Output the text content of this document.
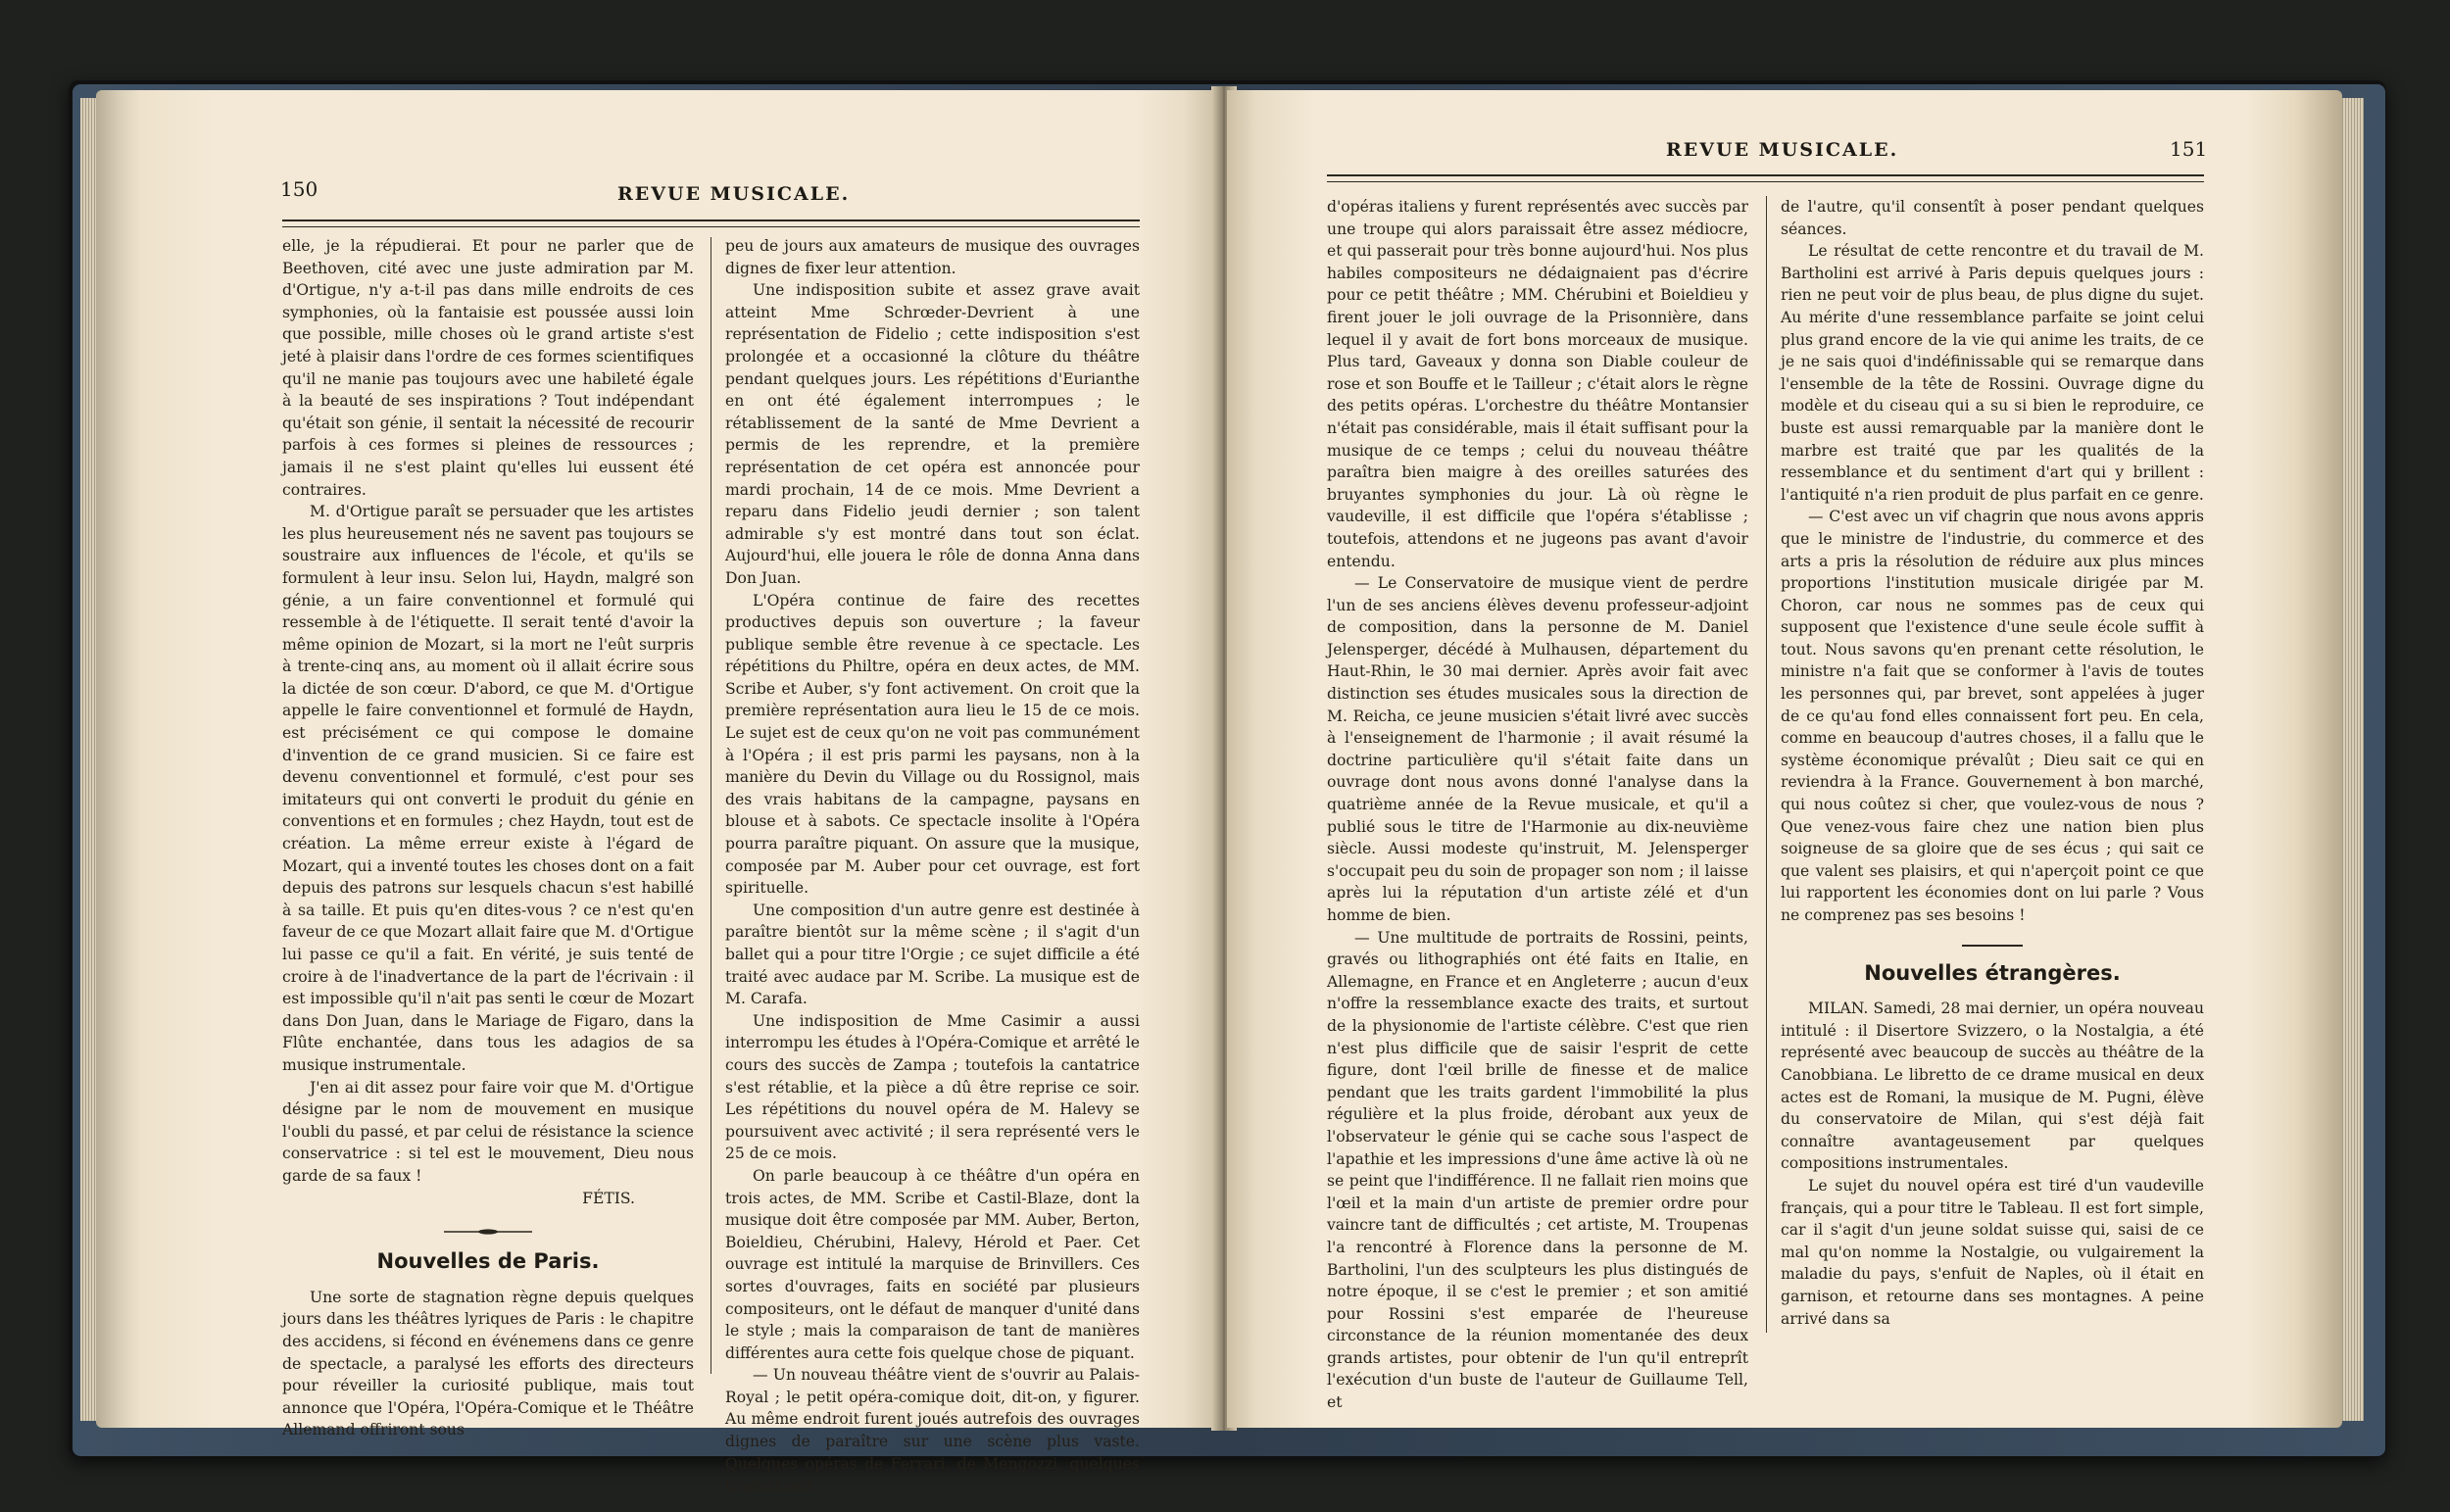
150	REVUE MUSICALE.

elle, je la répudierai. Et pour ne parler que de Beethoven, cité avec une juste admiration par M. d'Ortigue, n'y a-t-il pas dans mille endroits de ces symphonies, où la fantaisie est poussée aussi loin que possible, mille choses où le grand artiste s'est jeté à plaisir dans l'ordre de ces formes scientifiques qu'il ne manie pas toujours avec une habileté égale à la beauté de ses inspirations ? Tout indépendant qu'était son génie, il sentait la nécessité de recourir parfois à ces formes si pleines de ressources ; jamais il ne s'est plaint qu'elles lui eussent été contraires.

M. d'Ortigue paraît se persuader que les artistes les plus heureusement nés ne savent pas toujours se soustraire aux influences de l'école, et qu'ils se formulent à leur insu. Selon lui, Haydn, malgré son génie, a un faire conventionnel et formulé qui ressemble à de l'étiquette. Il serait tenté d'avoir la même opinion de Mozart, si la mort ne l'eût surpris à trente-cinq ans, au moment où il allait écrire sous la dictée de son cœur. D'abord, ce que M. d'Ortigue appelle le faire conventionnel et formulé de Haydn, est précisément ce qui compose le domaine d'invention de ce grand musicien. Si ce faire est devenu conventionnel et formulé, c'est pour ses imitateurs qui ont converti le produit du génie en conventions et en formules ; chez Haydn, tout est de création. La même erreur existe à l'égard de Mozart, qui a inventé toutes les choses dont on a fait depuis des patrons sur lesquels chacun s'est habillé à sa taille. Et puis qu'en dites-vous ? ce n'est qu'en faveur de ce que Mozart allait faire que M. d'Ortigue lui passe ce qu'il a fait. En vérité, je suis tenté de croire à de l'inadvertance de la part de l'écrivain : il est impossible qu'il n'ait pas senti le cœur de Mozart dans Don Juan, dans le Mariage de Figaro, dans la Flûte enchantée, dans tous les adagios de sa musique instrumentale.

J'en ai dit assez pour faire voir que M. d'Ortigue désigne par le nom de mouvement en musique l'oubli du passé, et par celui de résistance la science conservatrice : si tel est le mouvement, Dieu nous garde de sa faux !

FÉTIS.

Nouvelles de Paris.

Une sorte de stagnation règne depuis quelques jours dans les théâtres lyriques de Paris : le chapitre des accidens, si fécond en événemens dans ce genre de spectacle, a paralysé les efforts des directeurs pour réveiller la curiosité publique, mais tout annonce que l'Opéra, l'Opéra-Comique et le Théâtre Allemand offriront sous

peu de jours aux amateurs de musique des ouvrages dignes de fixer leur attention.

Une indisposition subite et assez grave avait atteint Mme Schrœder-Devrient à une représentation de Fidelio ; cette indisposition s'est prolongée et a occasionné la clôture du théâtre pendant quelques jours. Les répétitions d'Eurianthe en ont été également interrompues ; le rétablissement de la santé de Mme Devrient a permis de les reprendre, et la première représentation de cet opéra est annoncée pour mardi prochain, 14 de ce mois. Mme Devrient a reparu dans Fidelio jeudi dernier ; son talent admirable s'y est montré dans tout son éclat. Aujourd'hui, elle jouera le rôle de donna Anna dans Don Juan.

L'Opéra continue de faire des recettes productives depuis son ouverture ; la faveur publique semble être revenue à ce spectacle. Les répétitions du Philtre, opéra en deux actes, de MM. Scribe et Auber, s'y font activement. On croit que la première représentation aura lieu le 15 de ce mois. Le sujet est de ceux qu'on ne voit pas communément à l'Opéra ; il est pris parmi les paysans, non à la manière du Devin du Village ou du Rossignol, mais des vrais habitans de la campagne, paysans en blouse et à sabots. Ce spectacle insolite à l'Opéra pourra paraître piquant. On assure que la musique, composée par M. Auber pour cet ouvrage, est fort spirituelle.

Une composition d'un autre genre est destinée à paraître bientôt sur la même scène ; il s'agit d'un ballet qui a pour titre l'Orgie ; ce sujet difficile a été traité avec audace par M. Scribe. La musique est de M. Carafa.

Une indisposition de Mme Casimir a aussi interrompu les études à l'Opéra-Comique et arrêté le cours des succès de Zampa ; toutefois la cantatrice s'est rétablie, et la pièce a dû être reprise ce soir. Les répétitions du nouvel opéra de M. Halevy se poursuivent avec activité ; il sera représenté vers le 25 de ce mois.

On parle beaucoup à ce théâtre d'un opéra en trois actes, de MM. Scribe et Castil-Blaze, dont la musique doit être composée par MM. Auber, Berton, Boieldieu, Chérubini, Halevy, Hérold et Paer. Cet ouvrage est intitulé la marquise de Brinvillers. Ces sortes d'ouvrages, faits en société par plusieurs compositeurs, ont le défaut de manquer d'unité dans le style ; mais la comparaison de tant de manières différentes aura cette fois quelque chose de piquant.

— Un nouveau théâtre vient de s'ouvrir au Palais-Royal ; le petit opéra-comique doit, dit-on, y figurer. Au même endroit furent joués autrefois des ouvrages dignes de paraître sur une scène plus vaste. Quelques opéras de Ferrari, de Mengozzi, quelques traductions

REVUE MUSICALE.	151

d'opéras italiens y furent représentés avec succès par une troupe qui alors paraissait être assez médiocre, et qui passerait pour très bonne aujourd'hui. Nos plus habiles compositeurs ne dédaignaient pas d'écrire pour ce petit théâtre ; MM. Chérubini et Boieldieu y firent jouer le joli ouvrage de la Prisonnière, dans lequel il y avait de fort bons morceaux de musique. Plus tard, Gaveaux y donna son Diable couleur de rose et son Bouffe et le Tailleur ; c'était alors le règne des petits opéras. L'orchestre du théâtre Montansier n'était pas considérable, mais il était suffisant pour la musique de ce temps ; celui du nouveau théâtre paraîtra bien maigre à des oreilles saturées des bruyantes symphonies du jour. Là où règne le vaudeville, il est difficile que l'opéra s'établisse ; toutefois, attendons et ne jugeons pas avant d'avoir entendu.

— Le Conservatoire de musique vient de perdre l'un de ses anciens élèves devenu professeur-adjoint de composition, dans la personne de M. Daniel Jelensperger, décédé à Mulhausen, département du Haut-Rhin, le 30 mai dernier. Après avoir fait avec distinction ses études musicales sous la direction de M. Reicha, ce jeune musicien s'était livré avec succès à l'enseignement de l'harmonie ; il avait résumé la doctrine particulière qu'il s'était faite dans un ouvrage dont nous avons donné l'analyse dans la quatrième année de la Revue musicale, et qu'il a publié sous le titre de l'Harmonie au dix-neuvième siècle. Aussi modeste qu'instruit, M. Jelensperger s'occupait peu du soin de propager son nom ; il laisse après lui la réputation d'un artiste zélé et d'un homme de bien.

— Une multitude de portraits de Rossini, peints, gravés ou lithographiés ont été faits en Italie, en Allemagne, en France et en Angleterre ; aucun d'eux n'offre la ressemblance exacte des traits, et surtout de la physionomie de l'artiste célèbre. C'est que rien n'est plus difficile que de saisir l'esprit de cette figure, dont l'œil brille de finesse et de malice pendant que les traits gardent l'immobilité la plus régulière et la plus froide, dérobant aux yeux de l'observateur le génie qui se cache sous l'aspect de l'apathie et les impressions d'une âme active là où ne se peint que l'indifférence. Il ne fallait rien moins que l'œil et la main d'un artiste de premier ordre pour vaincre tant de difficultés ; cet artiste, M. Troupenas l'a rencontré à Florence dans la personne de M. Bartholini, l'un des sculpteurs les plus distingués de notre époque, il se c'est le premier ; et son amitié pour Rossini s'est emparée de l'heureuse circonstance de la réunion momentanée des deux grands artistes, pour obtenir de l'un qu'il entreprît l'exécution d'un buste de l'auteur de Guillaume Tell, et

de l'autre, qu'il consentît à poser pendant quelques séances.

Le résultat de cette rencontre et du travail de M. Bartholini est arrivé à Paris depuis quelques jours : rien ne peut voir de plus beau, de plus digne du sujet. Au mérite d'une ressemblance parfaite se joint celui plus grand encore de la vie qui anime les traits, de ce je ne sais quoi d'indéfinissable qui se remarque dans l'ensemble de la tête de Rossini. Ouvrage digne du modèle et du ciseau qui a su si bien le reproduire, ce buste est aussi remarquable par la manière dont le marbre est traité que par les qualités de la ressemblance et du sentiment d'art qui y brillent : l'antiquité n'a rien produit de plus parfait en ce genre.

— C'est avec un vif chagrin que nous avons appris que le ministre de l'industrie, du commerce et des arts a pris la résolution de réduire aux plus minces proportions l'institution musicale dirigée par M. Choron, car nous ne sommes pas de ceux qui supposent que l'existence d'une seule école suffit à tout. Nous savons qu'en prenant cette résolution, le ministre n'a fait que se conformer à l'avis de toutes les personnes qui, par brevet, sont appelées à juger de ce qu'au fond elles connaissent fort peu. En cela, comme en beaucoup d'autres choses, il a fallu que le système économique prévalût ; Dieu sait ce qui en reviendra à la France. Gouvernement à bon marché, qui nous coûtez si cher, que voulez-vous de nous ? Que venez-vous faire chez une nation bien plus soigneuse de sa gloire que de ses écus ; qui sait ce que valent ses plaisirs, et qui n'aperçoit point ce que lui rapportent les économies dont on lui parle ? Vous ne comprenez pas ses besoins !

Nouvelles étrangères.

MILAN. Samedi, 28 mai dernier, un opéra nouveau intitulé : il Disertore Svizzero, o la Nostalgia, a été représenté avec beaucoup de succès au théâtre de la Canobbiana. Le libretto de ce drame musical en deux actes est de Romani, la musique de M. Pugni, élève du conservatoire de Milan, qui s'est déjà fait connaître avantageusement par quelques compositions instrumentales.

Le sujet du nouvel opéra est tiré d'un vaudeville français, qui a pour titre le Tableau. Il est fort simple, car il s'agit d'un jeune soldat suisse qui, saisi de ce mal qu'on nomme la Nostalgie, ou vulgairement la maladie du pays, s'enfuit de Naples, où il était en garnison, et retourne dans ses montagnes. A peine arrivé dans sa
